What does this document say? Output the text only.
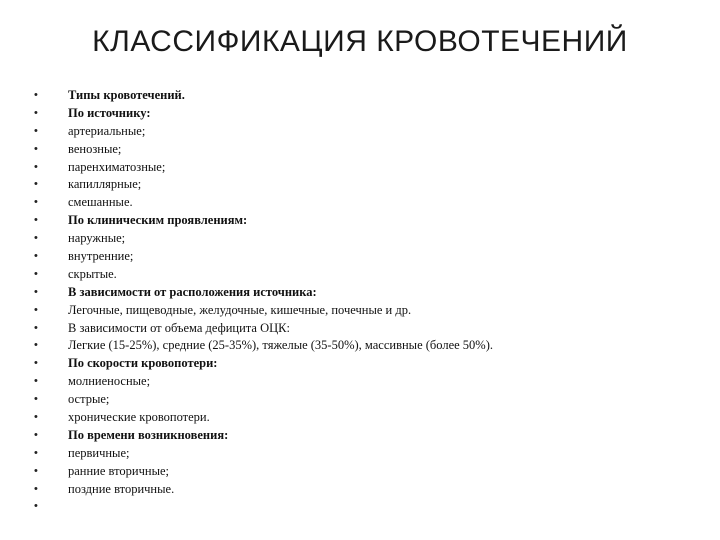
КЛАССИФИКАЦИЯ КРОВОТЕЧЕНИЙ
•	Типы кровотечений.
•	По источнику:
•	артериальные;
•	венозные;
•	паренхиматозные;
•	капиллярные;
•	смешанные.
•	По клиническим проявлениям:
•	наружные;
•	внутренние;
•	скрытые.
•	В зависимости от расположения источника:
•	Легочные, пищеводные, желудочные, кишечные, почечные и др.
•	В зависимости от объема дефицита ОЦК:
•	Легкие (15-25%), средние (25-35%), тяжелые (35-50%), массивные (более 50%).
•	По скорости кровопотери:
•	молниеносные;
•	острые;
•	хронические кровопотери.
•	По времени возникновения:
•	первичные;
•	ранние вторичные;
•	поздние вторичные.
•
